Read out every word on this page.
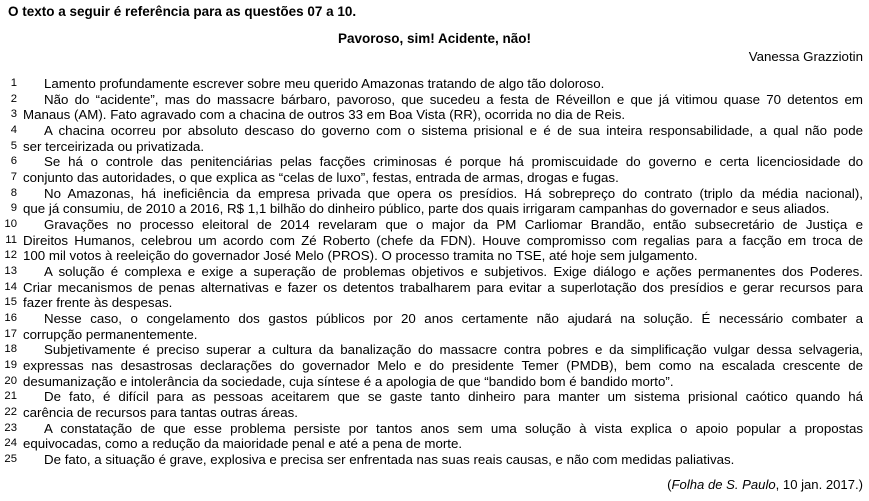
O texto a seguir é referência para as questões 07 a 10.
Pavoroso, sim! Acidente, não!
Vanessa Grazziotin
1	Lamento profundamente escrever sobre meu querido Amazonas tratando de algo tão doloroso.
2	Não do “acidente”, mas do massacre bárbaro, pavoroso, que sucedeu a festa de Réveillon e que já vitimou quase 70 detentos em
3 Manaus (AM). Fato agravado com a chacina de outros 33 em Boa Vista (RR), ocorrida no dia de Reis.
4	A chacina ocorreu por absoluto descaso do governo com o sistema prisional e é de sua inteira responsabilidade, a qual não pode
5 ser terceirizada ou privatizada.
6	Se há o controle das penitenciárias pelas facções criminosas é porque há promiscuidade do governo e certa licenciosidade do
7 conjunto das autoridades, o que explica as “celas de luxo”, festas, entrada de armas, drogas e fugas.
8	No Amazonas, há ineficiência da empresa privada que opera os presídios. Há sobrepreço do contrato (triplo da média nacional),
9 que já consumiu, de 2010 a 2016, R$ 1,1 bilhão do dinheiro público, parte dos quais irrigaram campanhas do governador e seus aliados.
10	Gravações no processo eleitoral de 2014 revelaram que o major da PM Carliomar Brandão, então subsecretário de Justiça e
11 Direitos Humanos, celebrou um acordo com Zé Roberto (chefe da FDN). Houve compromisso com regalias para a facção em troca de
12 100 mil votos à reeleição do governador José Melo (PROS). O processo tramita no TSE, até hoje sem julgamento.
13	A solução é complexa e exige a superação de problemas objetivos e subjetivos. Exige diálogo e ações permanentes dos Poderes.
14 Criar mecanismos de penas alternativas e fazer os detentos trabalharem para evitar a superlotação dos presídios e gerar recursos para
15 fazer frente às despesas.
16	Nesse caso, o congelamento dos gastos públicos por 20 anos certamente não ajudará na solução. É necessário combater a
17 corrupção permanentemente.
18	Subjetivamente é preciso superar a cultura da banalização do massacre contra pobres e da simplificação vulgar dessa selvageria,
19 expressas nas desastrosas declarações do governador Melo e do presidente Temer (PMDB), bem como na escalada crescente de
20 desumanização e intolerância da sociedade, cuja síntese é a apologia de que “bandido bom é bandido morto”.
21	De fato, é difícil para as pessoas aceitarem que se gaste tanto dinheiro para manter um sistema prisional caótico quando há
22 carência de recursos para tantas outras áreas.
23	A constatação de que esse problema persiste por tantos anos sem uma solução à vista explica o apoio popular a propostas
24 equivocadas, como a redução da maioridade penal e até a pena de morte.
25	De fato, a situação é grave, explosiva e precisa ser enfrentada nas suas reais causas, e não com medidas paliativas.
(Folha de S. Paulo, 10 jan. 2017.)
